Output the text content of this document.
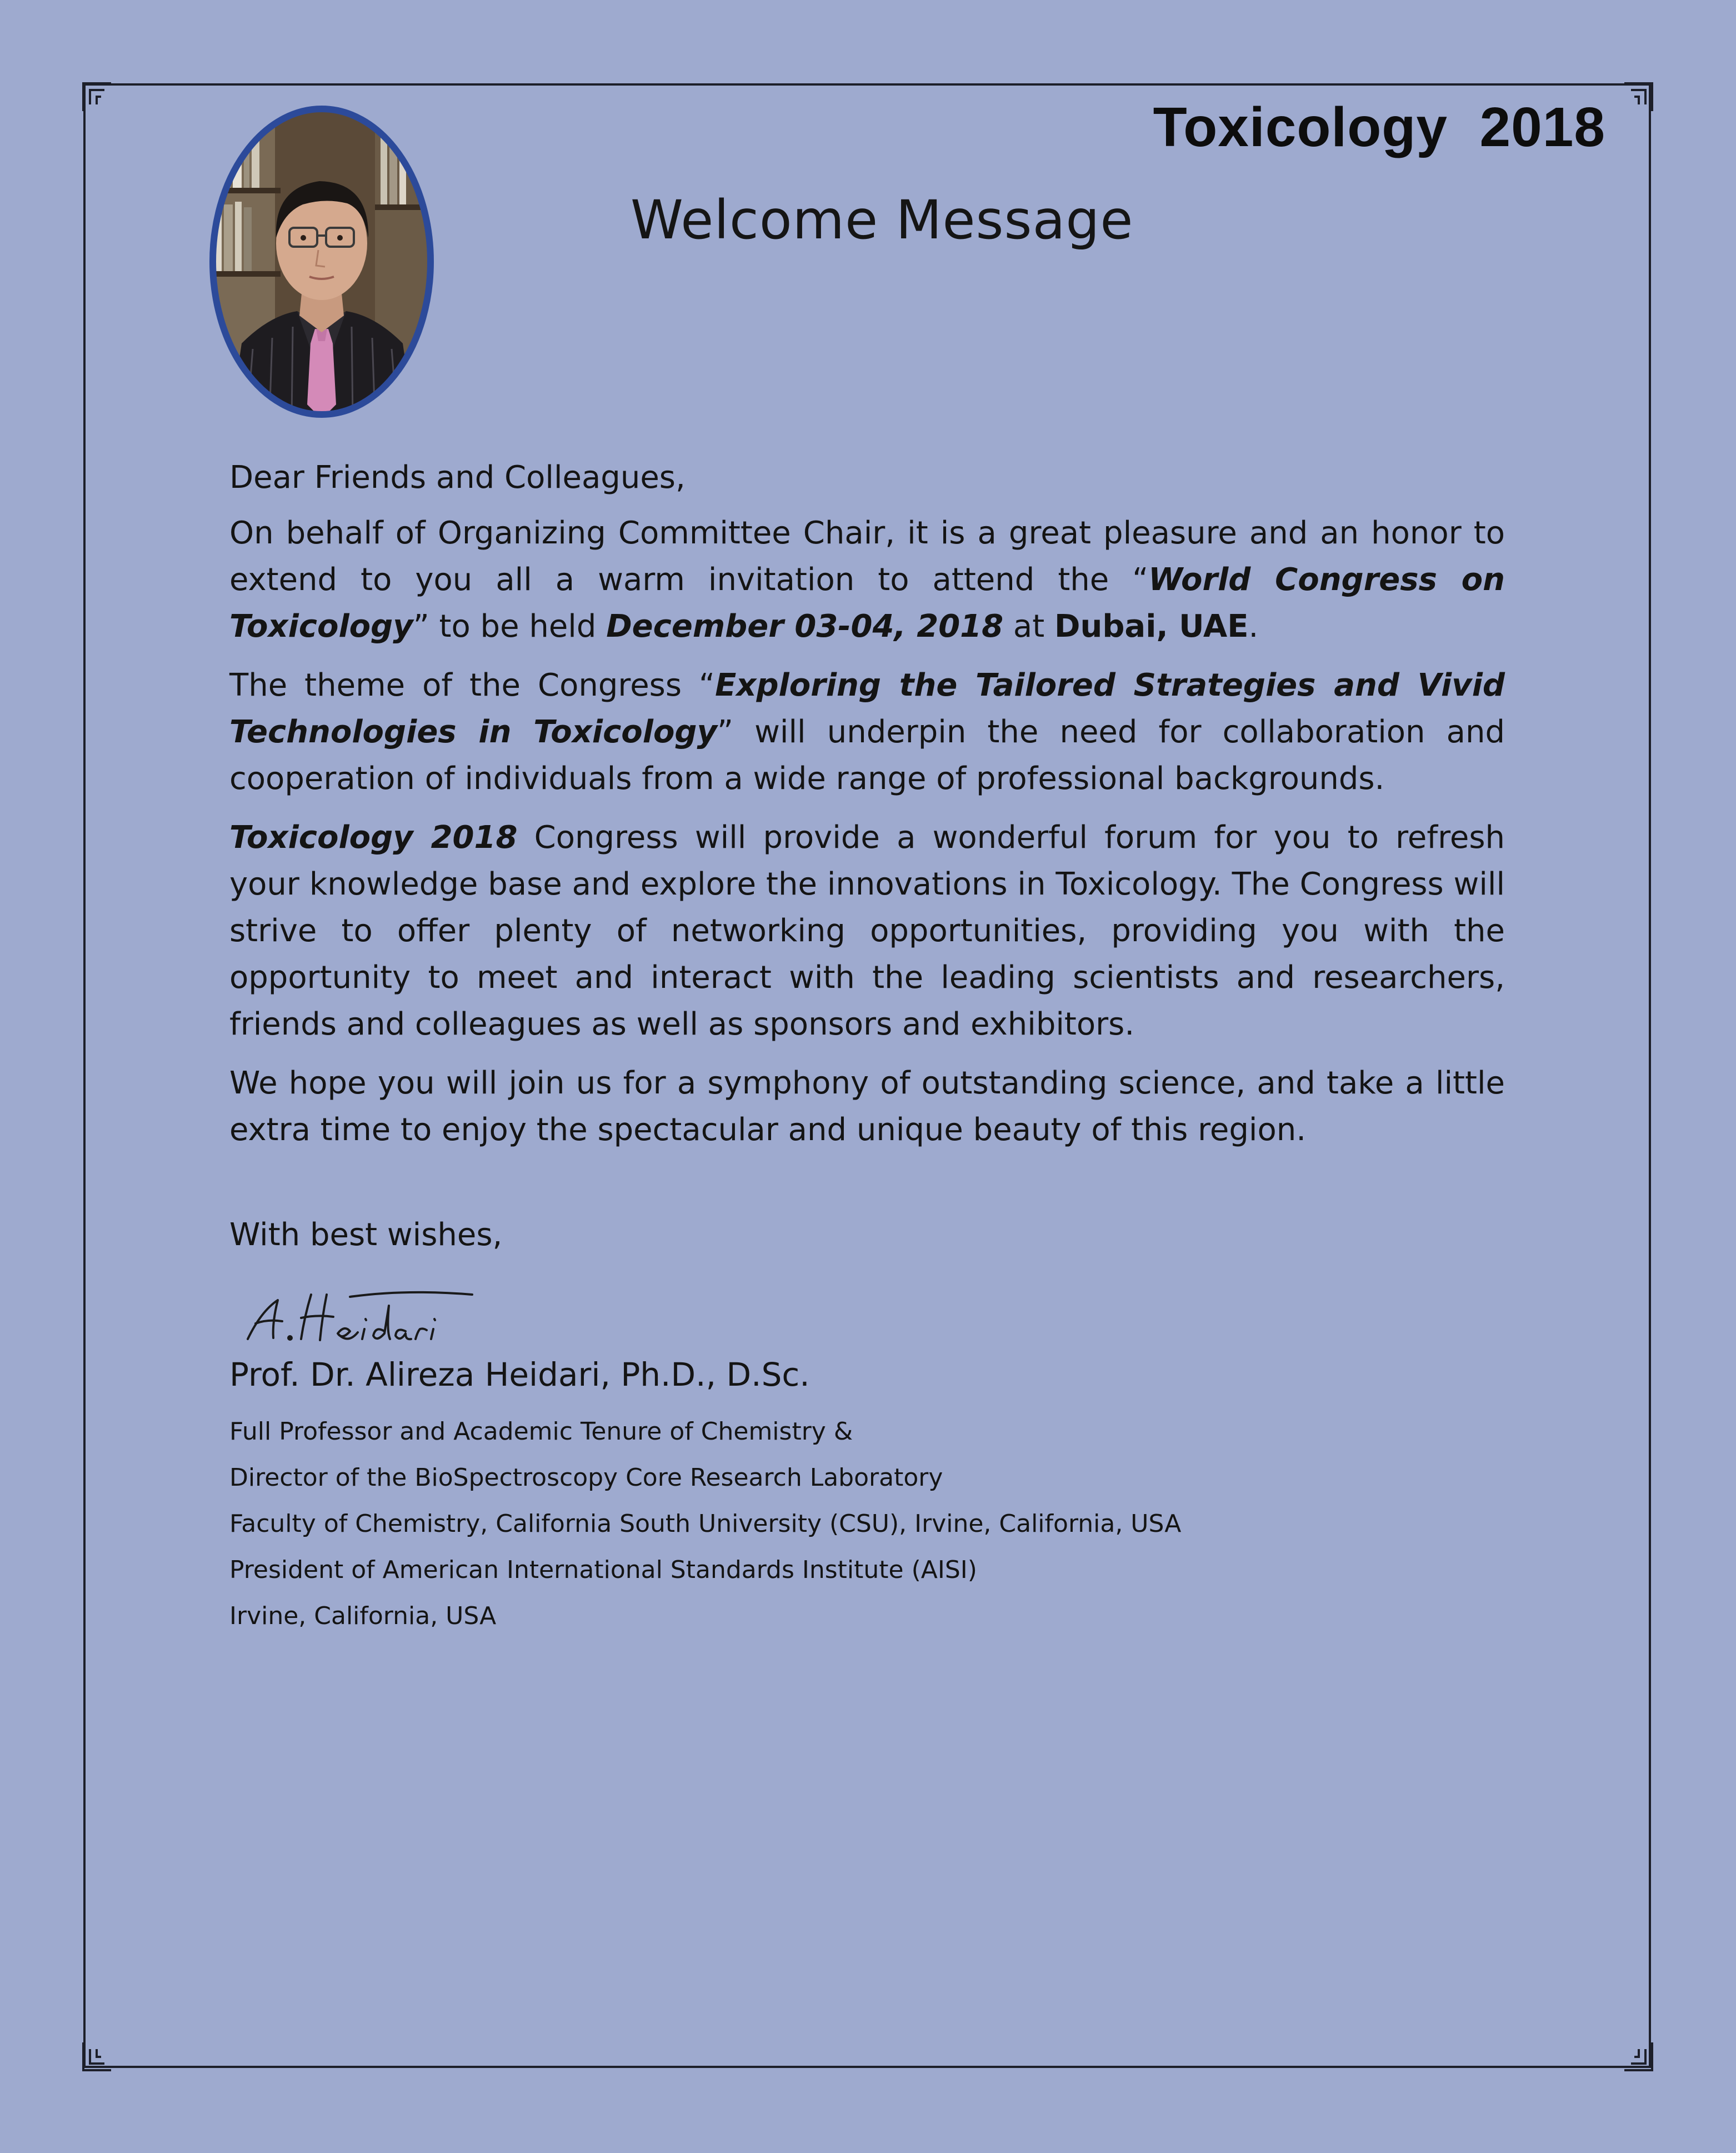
Toxicology  2018
Welcome Message

Dear Friends and Colleagues,

On behalf of Organizing Committee Chair, it is a great pleasure and an honor to extend to you all a warm invitation to attend the “World Congress on Toxicology” to be held December 03-04, 2018 at Dubai, UAE.

The theme of the Congress “Exploring the Tailored Strategies and Vivid Technologies in Toxicology” will underpin the need for collaboration and cooperation of individuals from a wide range of professional backgrounds.

Toxicology 2018 Congress will provide a wonderful forum for you to refresh your knowledge base and explore the innovations in Toxicology. The Congress will strive to offer plenty of networking opportunities, providing you with the opportunity to meet and interact with the leading scientists and researchers, friends and colleagues as well as sponsors and exhibitors.

We hope you will join us for a symphony of outstanding science, and take a little extra time to enjoy the spectacular and unique beauty of this region.

With best wishes,
Prof. Dr. Alireza Heidari, Ph.D., D.Sc.
Full Professor and Academic Tenure of Chemistry &
Director of the BioSpectroscopy Core Research Laboratory
Faculty of Chemistry, California South University (CSU), Irvine, California, USA
President of American International Standards Institute (AISI)
Irvine, California, USA
